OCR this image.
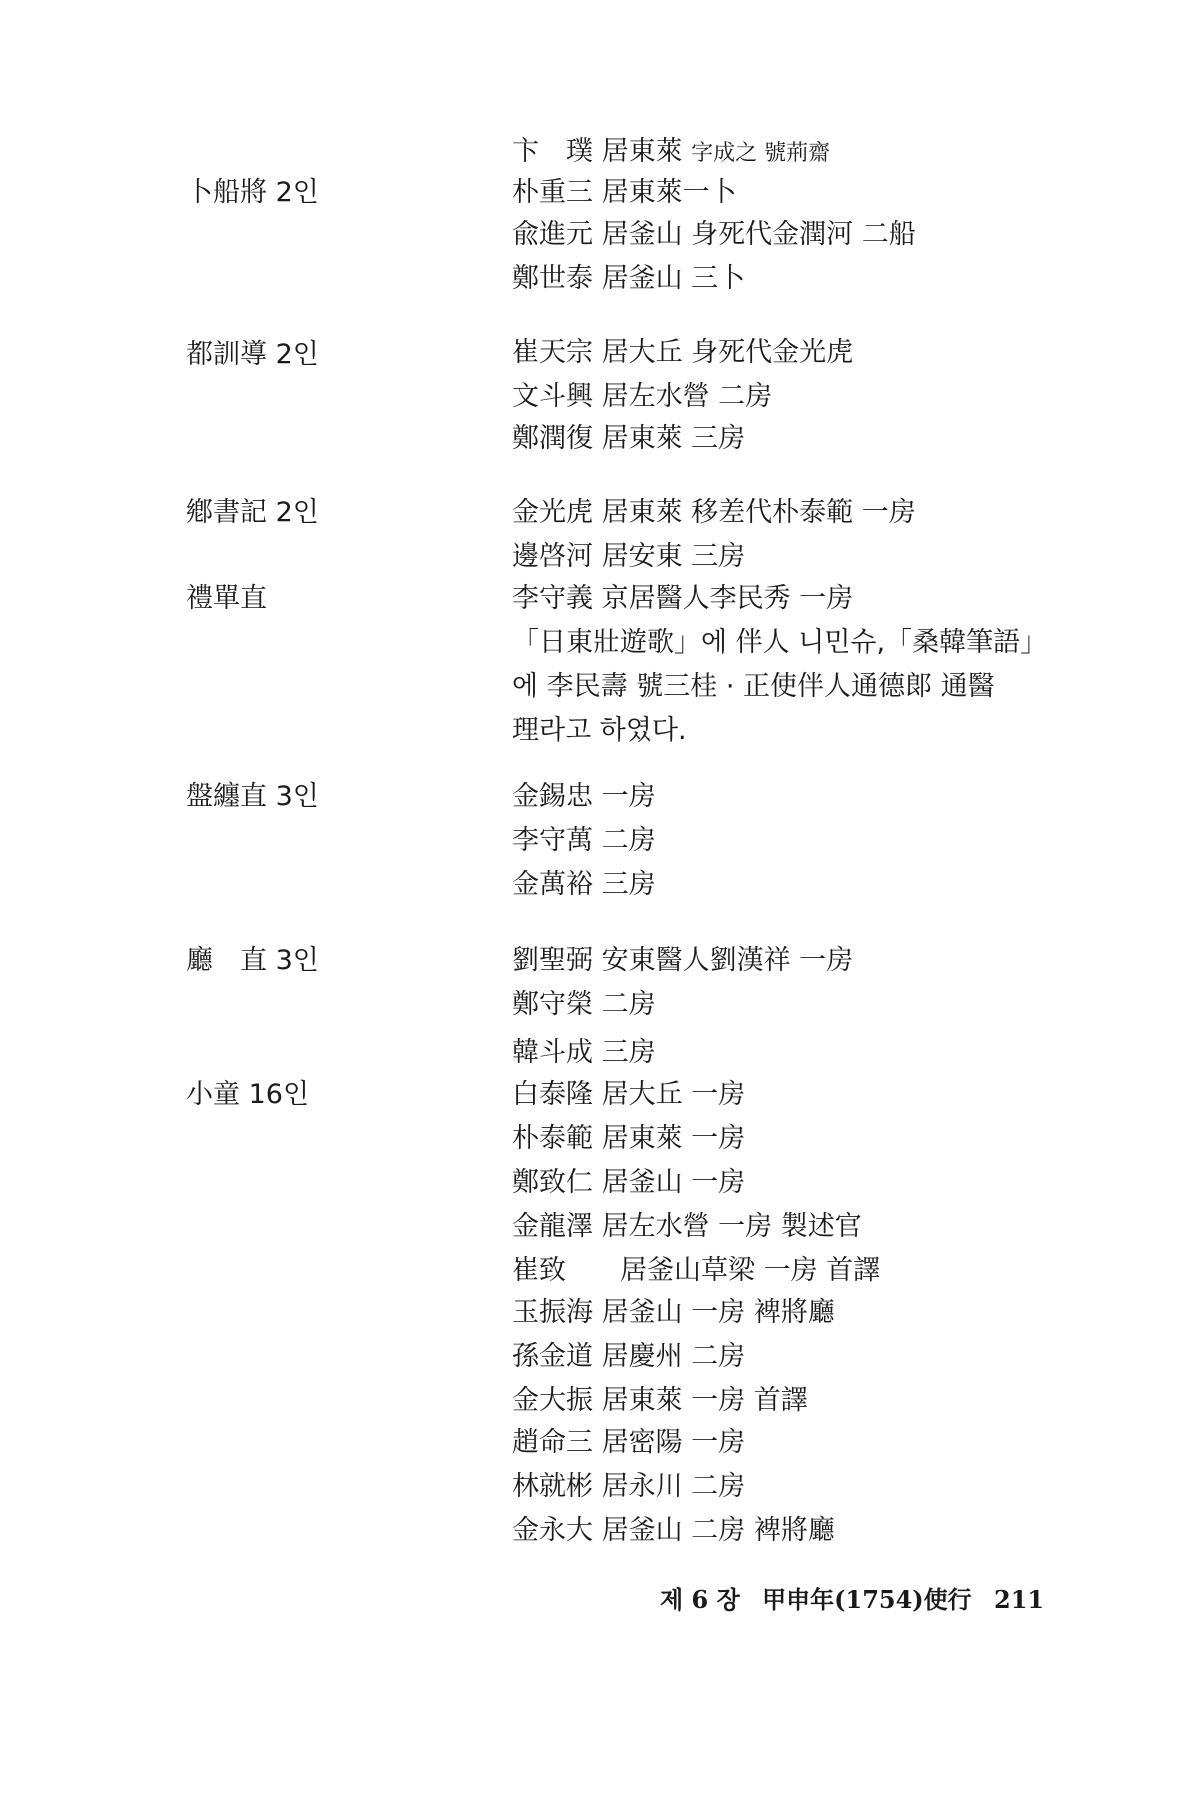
卜船將 2인
都訓導 2인
鄕書記 2인
禮單直
盤纏直 3인
廳　直 3인
小童 16인
卞　璞 居東萊 字成之 號荊齋
朴重三 居東萊一卜
兪進元 居釜山 身死代金潤河 二船
鄭世泰 居釜山 三卜
崔天宗 居大丘 身死代金光虎
文斗興 居左水營 二房
鄭潤復 居東萊 三房
金光虎 居東萊 移差代朴泰範 一房
邊啓河 居安東 三房
李守義 京居醫人李民秀 一房
「日東壯遊歌」에 伴人 니민슈,「桑韓筆語」
에 李民壽 號三桂 · 正使伴人通德郞 通醫
理라고 하였다.
金錫忠 一房
李守萬 二房
金萬裕 三房
劉聖弼 安東醫人劉漢祥 一房
鄭守榮 二房
韓斗成 三房
白泰隆 居大丘 一房
朴泰範 居東萊 一房
鄭致仁 居釜山 一房
金龍澤 居左水營 一房 製述官
崔致　　居釜山草梁 一房 首譯
玉振海 居釜山 一房 裨將廳
孫金道 居慶州 二房
金大振 居東萊 一房 首譯
趙命三 居密陽 一房
林就彬 居永川 二房
金永大 居釜山 二房 裨將廳
제 6 장 甲申年(1754)使行 211
